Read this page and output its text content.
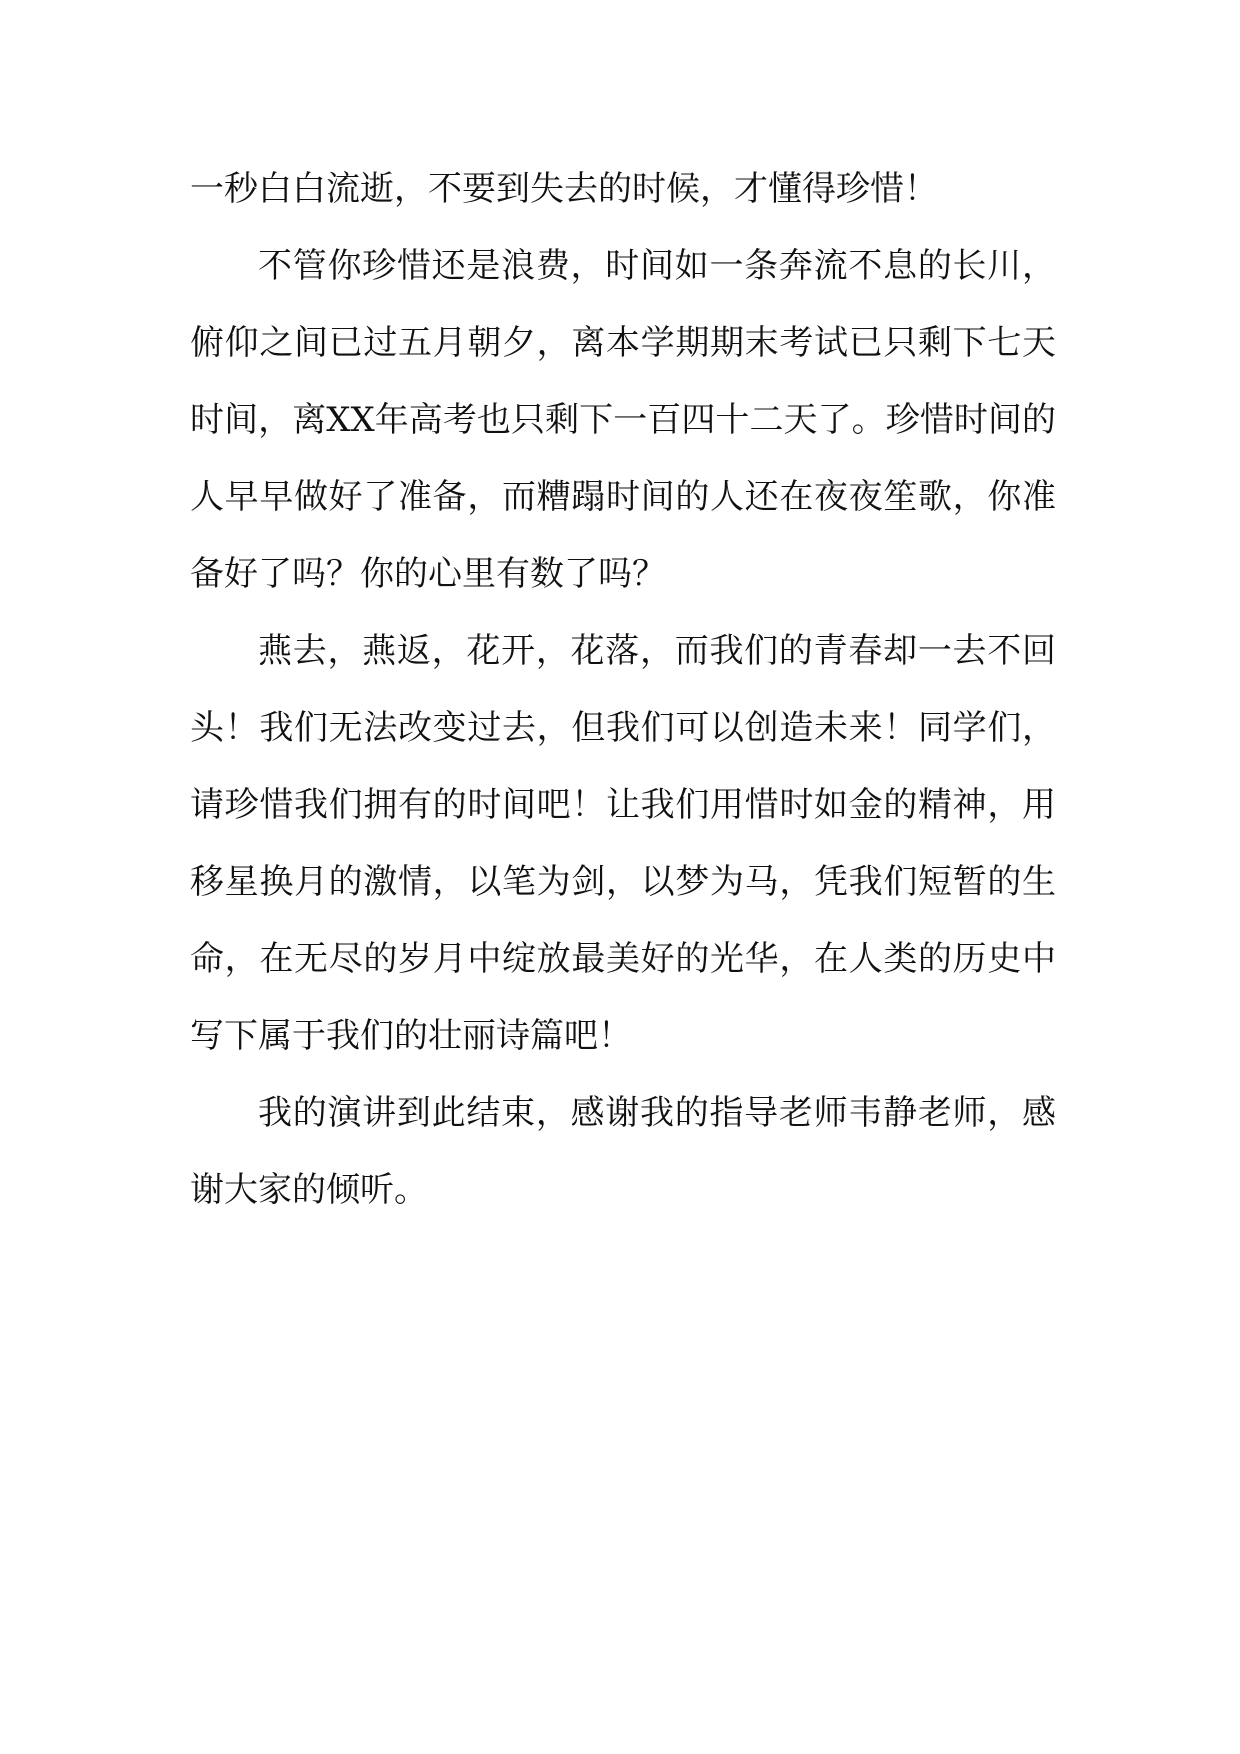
一秒白白流逝，不要到失去的时候，才懂得珍惜！
不管你珍惜还是浪费，时间如一条奔流不息的长川，
俯仰之间已过五月朝夕，离本学期期末考试已只剩下七天
时间，离XX年高考也只剩下一百四十二天了。珍惜时间的
人早早做好了准备，而糟蹋时间的人还在夜夜笙歌，你准
备好了吗？你的心里有数了吗？
燕去，燕返，花开，花落，而我们的青春却一去不回
头！我们无法改变过去，但我们可以创造未来！同学们，
请珍惜我们拥有的时间吧！让我们用惜时如金的精神，用
移星换月的激情，以笔为剑，以梦为马，凭我们短暂的生
命，在无尽的岁月中绽放最美好的光华，在人类的历史中
写下属于我们的壮丽诗篇吧！
我的演讲到此结束，感谢我的指导老师韦静老师，感
谢大家的倾听。
